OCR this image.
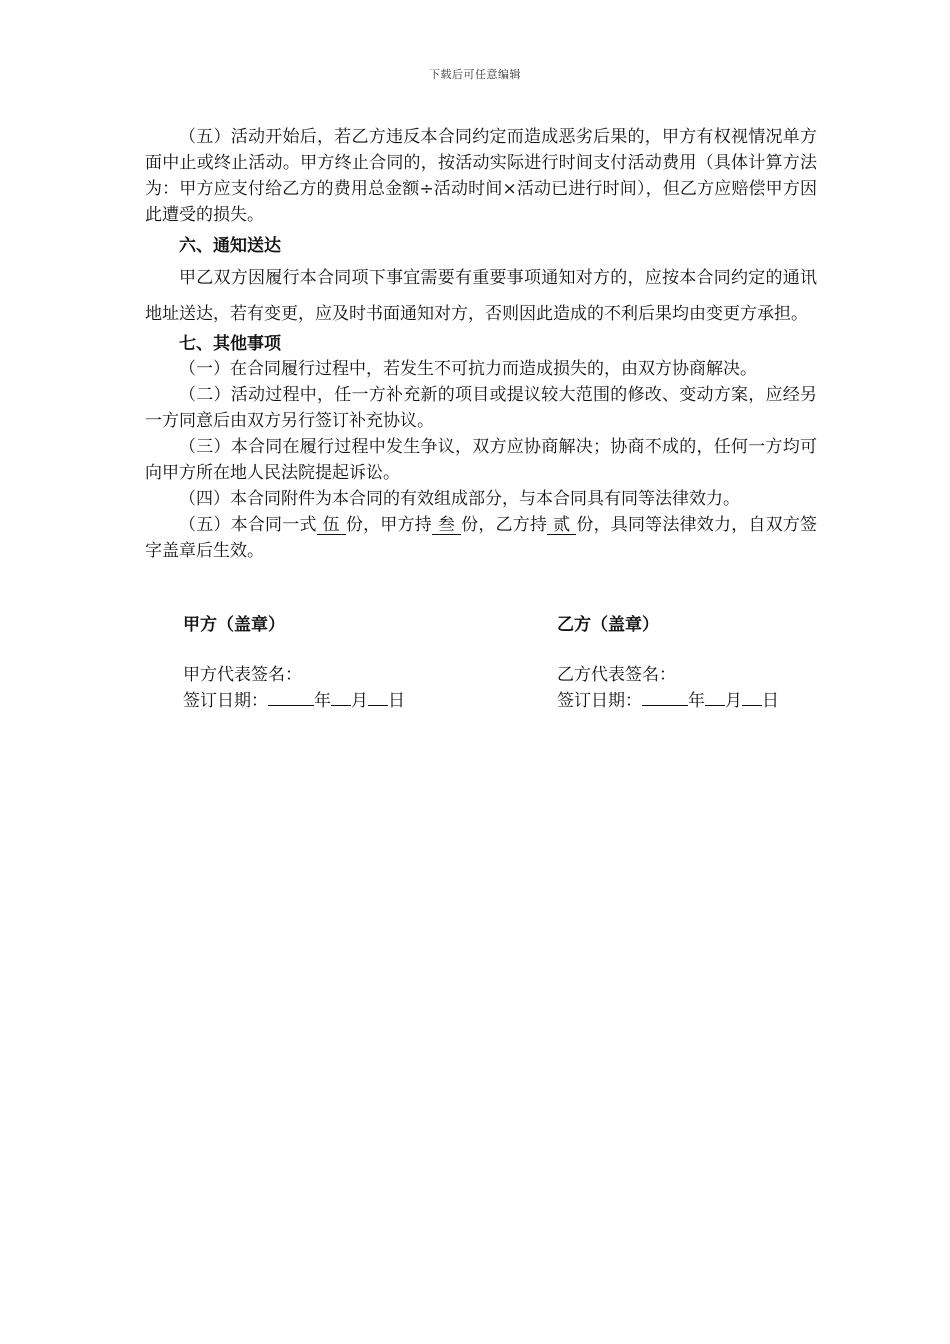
下载后可任意编辑

（五）活动开始后，若乙方违反本合同约定而造成恶劣后果的，甲方有权视情况单方面中止或终止活动。甲方终止合同的，按活动实际进行时间支付活动费用（具体计算方法为：甲方应支付给乙方的费用总金额÷活动时间×活动已进行时间），但乙方应赔偿甲方因此遭受的损失。

六、通知送达

甲乙双方因履行本合同项下事宜需要有重要事项通知对方的，应按本合同约定的通讯地址送达，若有变更，应及时书面通知对方，否则因此造成的不利后果均由变更方承担。

七、其他事项

（一）在合同履行过程中，若发生不可抗力而造成损失的，由双方协商解决。

（二）活动过程中，任一方补充新的项目或提议较大范围的修改、变动方案，应经另一方同意后由双方另行签订补充协议。

（三）本合同在履行过程中发生争议，双方应协商解决；协商不成的，任何一方均可向甲方所在地人民法院提起诉讼。

（四）本合同附件为本合同的有效组成部分，与本合同具有同等法律效力。

（五）本合同一式 伍 份，甲方持 叁 份，乙方持 贰 份，具同等法律效力，自双方签字盖章后生效。

甲方（盖章）
甲方代表签名：
签订日期：	年 月 日
乙方（盖章）
乙方代表签名：
签订日期：	年 月 日
